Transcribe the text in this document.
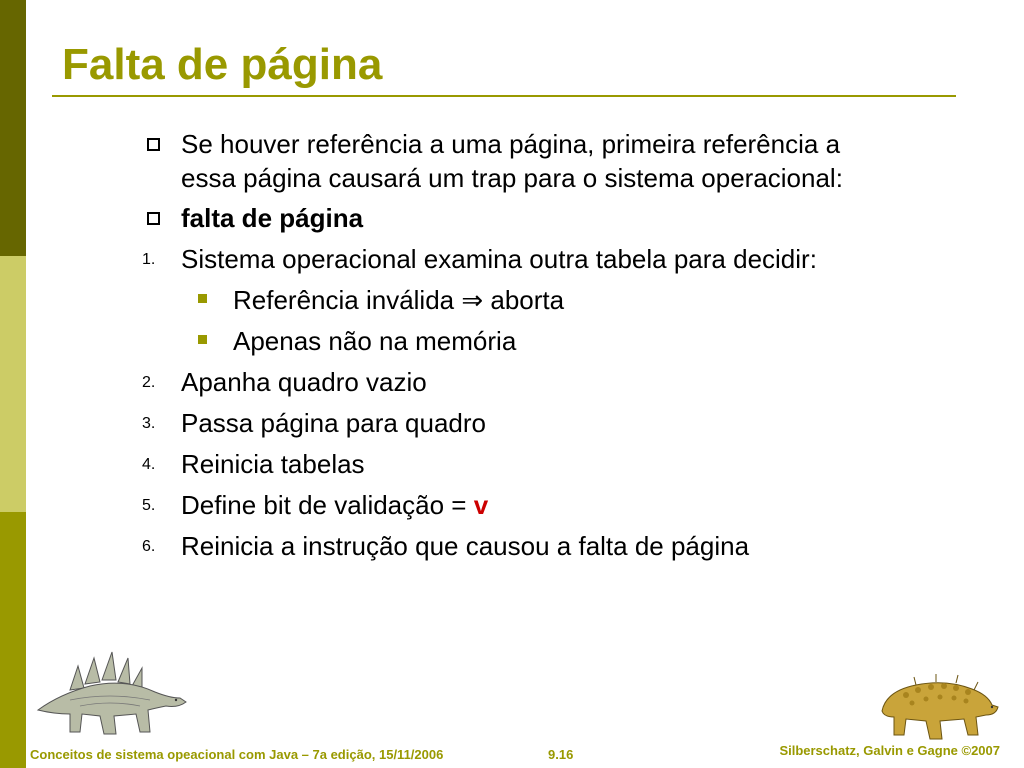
Falta de página
Se houver referência a uma página, primeira referência a
essa página causará um trap para o sistema operacional:
falta de página
1. Sistema operacional examina outra tabela para decidir:
Referência inválida ⇒ aborta
Apenas não na memória
2. Apanha quadro vazio
3. Passa página para quadro
4. Reinicia tabelas
5. Define bit de validação = v
6. Reinicia a instrução que causou a falta de página
Conceitos de sistema opeacional com Java – 7a edição, 15/11/2006	9.16	Silberschatz, Galvin e Gagne ©2007
